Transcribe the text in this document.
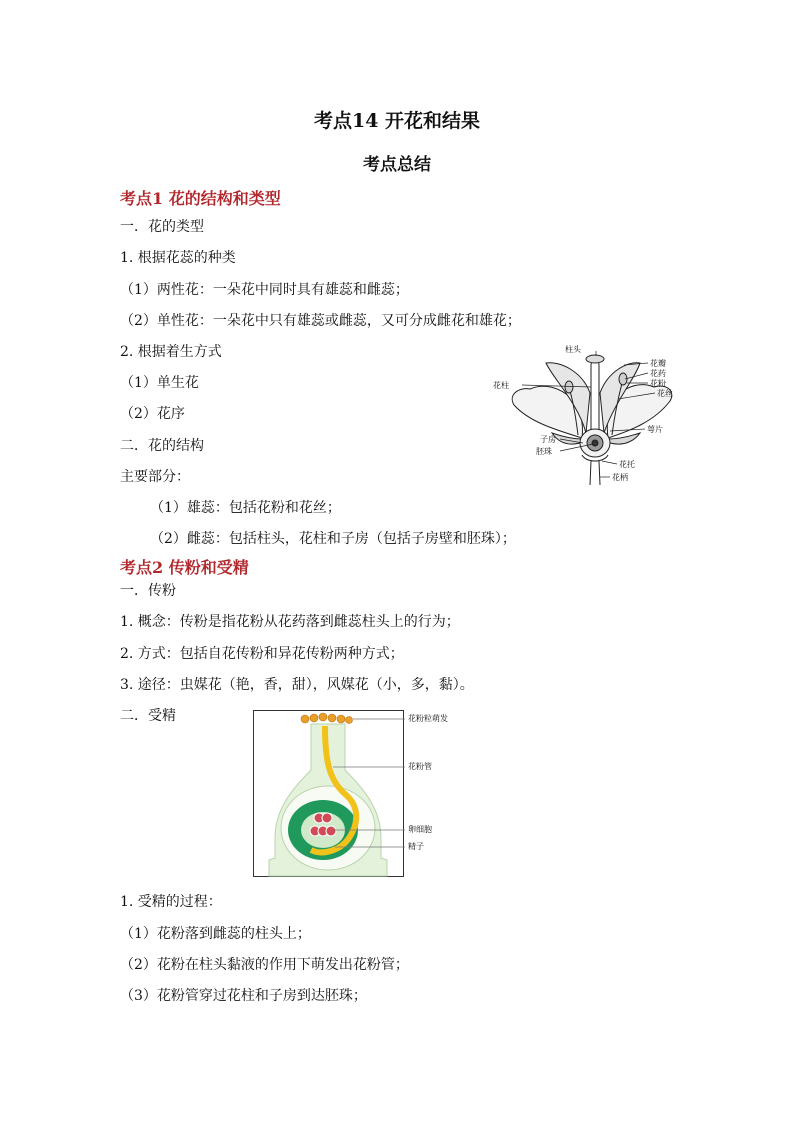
考点14 开花和结果
考点总结
考点1 花的结构和类型
一．花的类型
1. 根据花蕊的种类
（1）两性花：一朵花中同时具有雄蕊和雌蕊；
（2）单性花：一朵花中只有雄蕊或雌蕊，又可分成雌花和雄花；
2. 根据着生方式
（1）单生花
（2）花序
二．花的结构
主要部分：
（1）雄蕊：包括花粉和花丝；
（2）雌蕊：包括柱头，花柱和子房（包括子房壁和胚珠）；
柱头
花瓣
花药
花粉
花丝
花柱
萼片
子房
胚珠
花托
花柄
考点2 传粉和受精
一．传粉
1. 概念：传粉是指花粉从花药落到雌蕊柱头上的行为；
2. 方式：包括自花传粉和异花传粉两种方式；
3. 途径：虫媒花（艳，香，甜），风媒花（小，多，黏）。
二．受精	花粉粒萌发
花粉管
卵细胞
精子
1. 受精的过程：
（1）花粉落到雌蕊的柱头上；
（2）花粉在柱头黏液的作用下萌发出花粉管；
（3）花粉管穿过花柱和子房到达胚珠；
